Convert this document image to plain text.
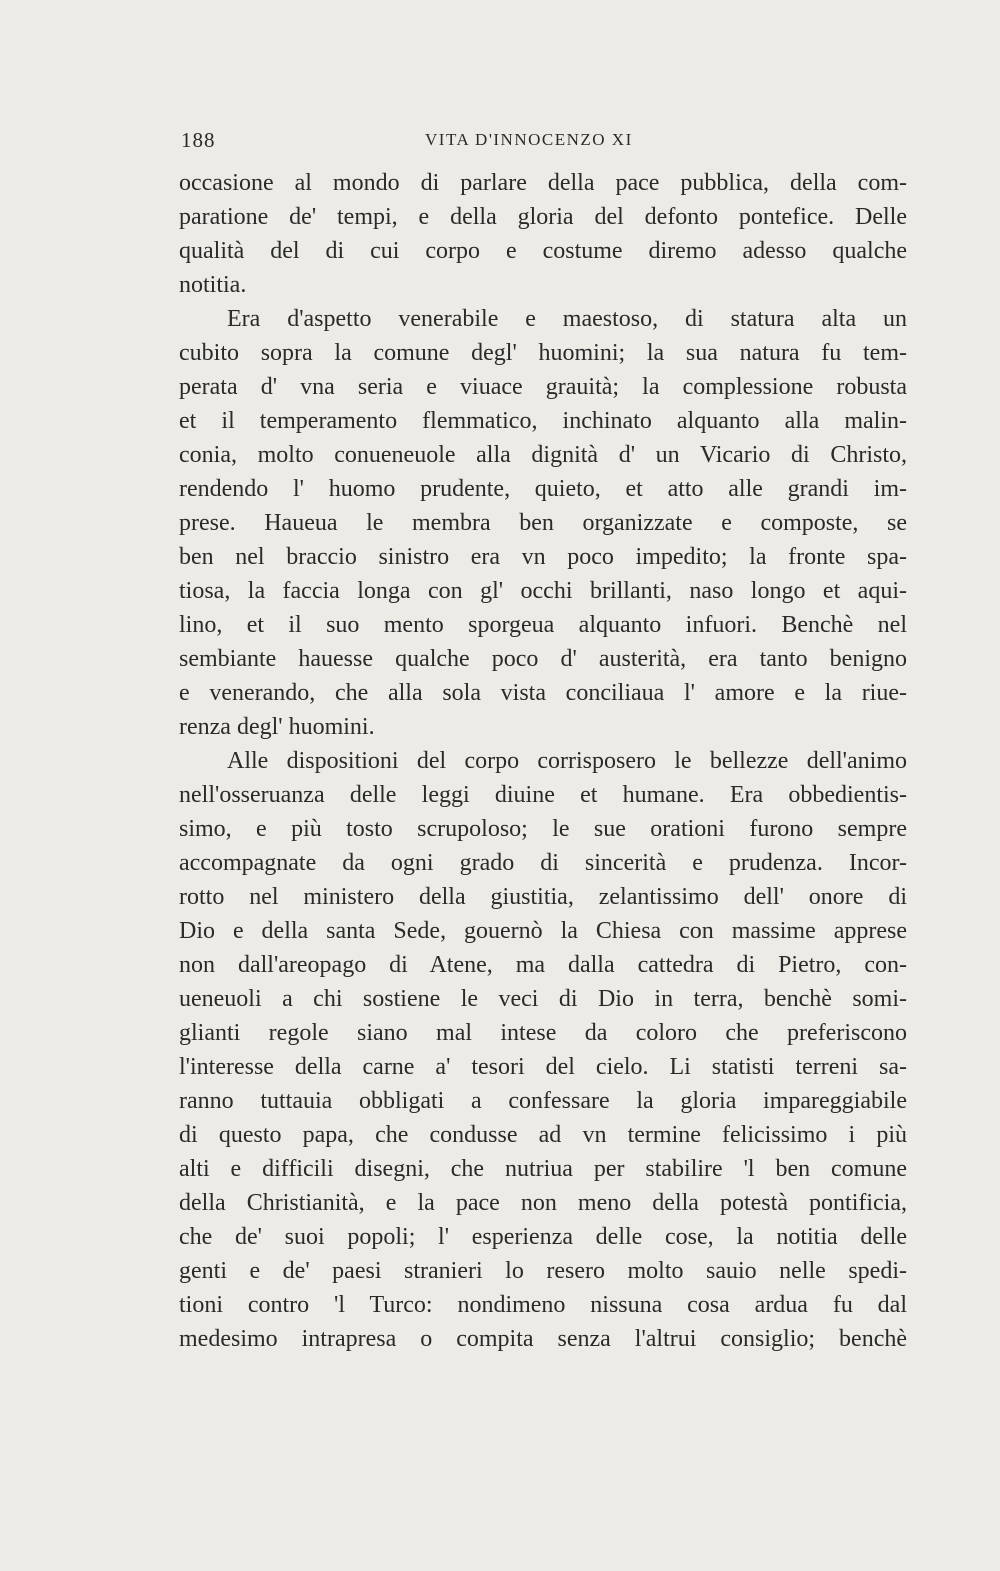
188	VITA D'INNOCENZO XI
occasione al mondo di parlare della pace pubblica, della com-
paratione de' tempi, e della gloria del defonto pontefice. Delle
qualità del di cui corpo e costume diremo adesso qualche
notitia.
Era d'aspetto venerabile e maestoso, di statura alta un
cubito sopra la comune degl' huomini; la sua natura fu tem-
perata d' vna seria e viuace grauità; la complessione robusta
et il temperamento flemmatico, inchinato alquanto alla malin-
conia, molto conueneuole alla dignità d' un Vicario di Christo,
rendendo l' huomo prudente, quieto, et atto alle grandi im-
prese. Haueua le membra ben organizzate e composte, se
ben nel braccio sinistro era vn poco impedito; la fronte spa-
tiosa, la faccia longa con gl' occhi brillanti, naso longo et aqui-
lino, et il suo mento sporgeua alquanto infuori. Benchè nel
sembiante hauesse qualche poco d' austerità, era tanto benigno
e venerando, che alla sola vista conciliaua l' amore e la riue-
renza degl' huomini.
Alle dispositioni del corpo corrisposero le bellezze dell'animo
nell'osseruanza delle leggi diuine et humane. Era obbedientis-
simo, e più tosto scrupoloso; le sue orationi furono sempre
accompagnate da ogni grado di sincerità e prudenza. Incor-
rotto nel ministero della giustitia, zelantissimo dell' onore di
Dio e della santa Sede, gouernò la Chiesa con massime apprese
non dall'areopago di Atene, ma dalla cattedra di Pietro, con-
ueneuoli a chi sostiene le veci di Dio in terra, benchè somi-
glianti regole siano mal intese da coloro che preferiscono
l'interesse della carne a' tesori del cielo. Li statisti terreni sa-
ranno tuttauia obbligati a confessare la gloria impareggiabile
di questo papa, che condusse ad vn termine felicissimo i più
alti e difficili disegni, che nutriua per stabilire 'l ben comune
della Christianità, e la pace non meno della potestà pontificia,
che de' suoi popoli; l' esperienza delle cose, la notitia delle
genti e de' paesi stranieri lo resero molto sauio nelle spedi-
tioni contro 'l Turco: nondimeno nissuna cosa ardua fu dal
medesimo intrapresa o compita senza l'altrui consiglio; benchè
